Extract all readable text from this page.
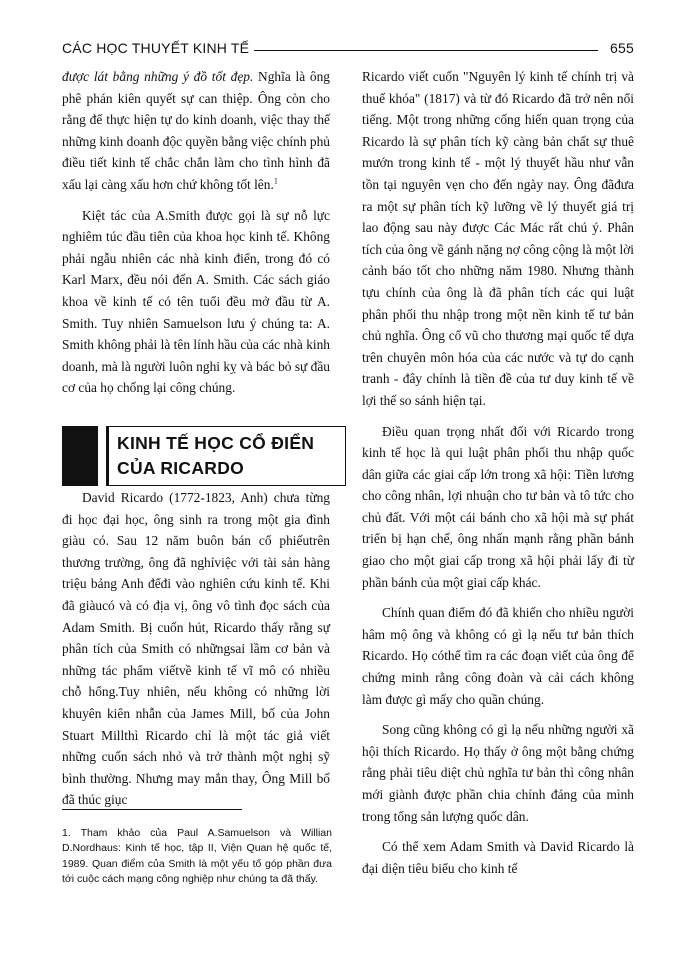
CÁC HỌC THUYẾT KINH TẾ	655

được lát bằng những ý đồ tốt đẹp. Nghĩa là ông phê phán kiên quyết sự can thiệp. Ông còn cho rằng để thực hiện tự do kinh doanh, việc thay thế những kinh doanh độc quyền bằng việc chính phủ điều tiết kinh tế chắc chắn làm cho tình hình đã xấu lại càng xấu hơn chứ không tốt lên.$^1$

Kiệt tác của A.Smith được gọi là sự nỗ lực nghiêm túc đầu tiên của khoa học kinh tế. Không phải ngẫu nhiên các nhà kinh điển, trong đó có Karl Marx, đều nói đến A. Smith. Các sách giáo khoa về kinh tế có tên tuổi đều mở đầu từ A. Smith. Tuy nhiên Samuelson lưu ý chúng ta: A. Smith không phải là tên lính hầu của các nhà kinh doanh, mà là người luôn nghi kỵ và bác bỏ sự đầu cơ của họ chống lại công chúng.

KINH TẾ HỌC CỔ ĐIỂN CỦA RICARDO

David Ricardo (1772-1823, Anh) chưa từng đi học đại học, ông sinh ra trong một gia đình giàu có. Sau 12 năm buôn bán cổ phiếutrên thương trường, ông đã nghỉviệc với tài sản hàng triệu bảng Anh đểđi vào nghiên cứu kinh tế. Khi đã giàucó và có địa vị, ông vô tình đọc sách của Adam Smith. Bị cuốn hút, Ricardo thấy rằng sự phân tích của Smith có nhữngsai lầm cơ bản và những tác phẩm viếtvề kinh tế vĩ mô có nhiều chỗ hổng.Tuy nhiên, nếu không có những lời khuyên kiên nhẫn của James Mill, bố của John Stuart Millthì Ricardo chỉ là một tác giả viết những cuốn sách nhỏ và trở thành một nghị sỹ bình thường. Nhưng may mắn thay, Ông Mill bố đã thúc giục

1. Tham khảo của Paul A.Samuelson và Willian D.Nordhaus: Kinh tế học, tập II, Viện Quan hệ quốc tế, 1989. Quan điểm của Smith là một yếu tố góp phần đưa tới cuộc cách mạng công nghiệp như chúng ta đã thấy.

Ricardo viết cuốn "Nguyên lý kinh tế chính trị và thuế khóa" (1817) và từ đó Ricardo đã trở nên nổi tiếng. Một trong những cống hiến quan trọng của Ricardo là sự phân tích kỹ càng bản chất sự thuê mướn trong kinh tế - một lý thuyết hầu như vẫn tồn tại nguyên vẹn cho đến ngày nay. Ông đãđưa ra một sự phân tích kỹ lưỡng về lý thuyết giá trị lao động sau này được Các Mác rất chú ý. Phân tích của ông về gánh nặng nợ công cộng là một lời cảnh báo tốt cho những năm 1980. Nhưng thành tựu chính của ông là đã phân tích các qui luật phân phối thu nhập trong một nền kinh tế tư bản chủ nghĩa. Ông cổ vũ cho thương mại quốc tế dựa trên chuyên môn hóa của các nước và tự do cạnh tranh - đây chính là tiền đề của tư duy kinh tế về lợi thế so sánh hiện tại.

Điều quan trọng nhất đối với Ricardo trong kinh tế học là qui luật phân phối thu nhập quốc dân giữa các giai cấp lớn trong xã hội: Tiền lương cho công nhân, lợi nhuận cho tư bản và tô tức cho chủ đất. Với một cái bánh cho xã hội mà sự phát triển bị hạn chế, ông nhấn mạnh rằng phần bánh giao cho một giai cấp trong xã hội phải lấy đi từ phần bánh của một giai cấp khác.

Chính quan điểm đó đã khiến cho nhiều người hâm mộ ông và không có gì lạ nếu tư bản thích Ricardo. Họ cóthể tìm ra các đoạn viết của ông để chứng minh rằng công đoàn và cải cách không làm được gì mấy cho quần chúng.

Song cũng không có gì lạ nếu những người xã hội thích Ricardo. Họ thấy ở ông một bằng chứng rằng phải tiêu diệt chủ nghĩa tư bản thì công nhân mới giành được phần chia chính đáng của mình trong tổng sản lượng quốc dân.

Có thể xem Adam Smith và David Ricardo là đại diện tiêu biểu cho kinh tế
